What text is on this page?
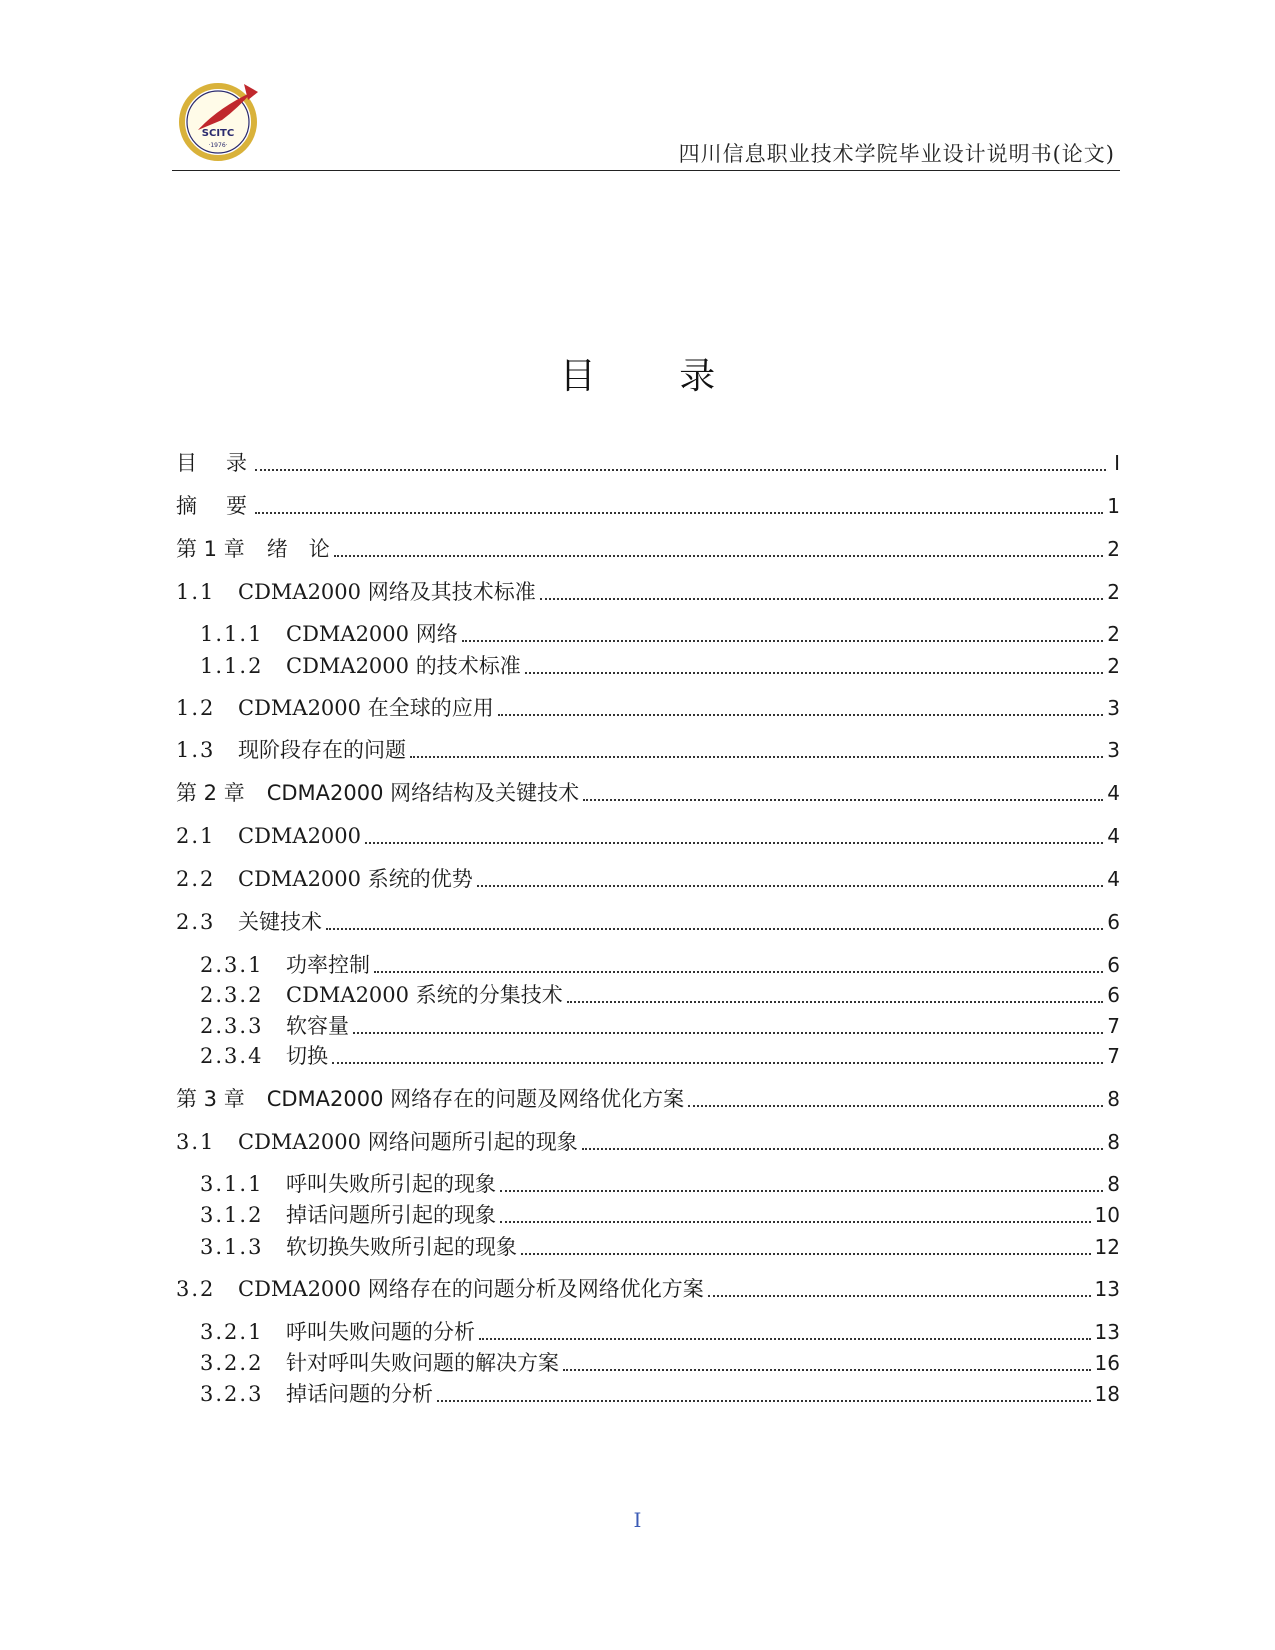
SCITC
·1976·	四川信息职业技术学院毕业设计说明书(论文)
目 录
目　录	I
摘　要	1
第 1 章	绪　论	2
1.1	CDMA2000 网络及其技术标准	2
1.1.1	CDMA2000 网络	2
1.1.2	CDMA2000 的技术标准	2
1.2	CDMA2000 在全球的应用	3
1.3	现阶段存在的问题	3
第 2 章	CDMA2000 网络结构及关键技术	4
2.1	CDMA2000	4
2.2	CDMA2000 系统的优势	4
2.3	关键技术	6
2.3.1	功率控制	6
2.3.2	CDMA2000 系统的分集技术	6
2.3.3	软容量	7
2.3.4	切换	7
第 3 章	CDMA2000 网络存在的问题及网络优化方案	8
3.1	CDMA2000 网络问题所引起的现象	8
3.1.1	呼叫失败所引起的现象	8
3.1.2	掉话问题所引起的现象	10
3.1.3	软切换失败所引起的现象	12
3.2	CDMA2000 网络存在的问题分析及网络优化方案	13
3.2.1	呼叫失败问题的分析	13
3.2.2	针对呼叫失败问题的解决方案	16
3.2.3	掉话问题的分析	18
I
